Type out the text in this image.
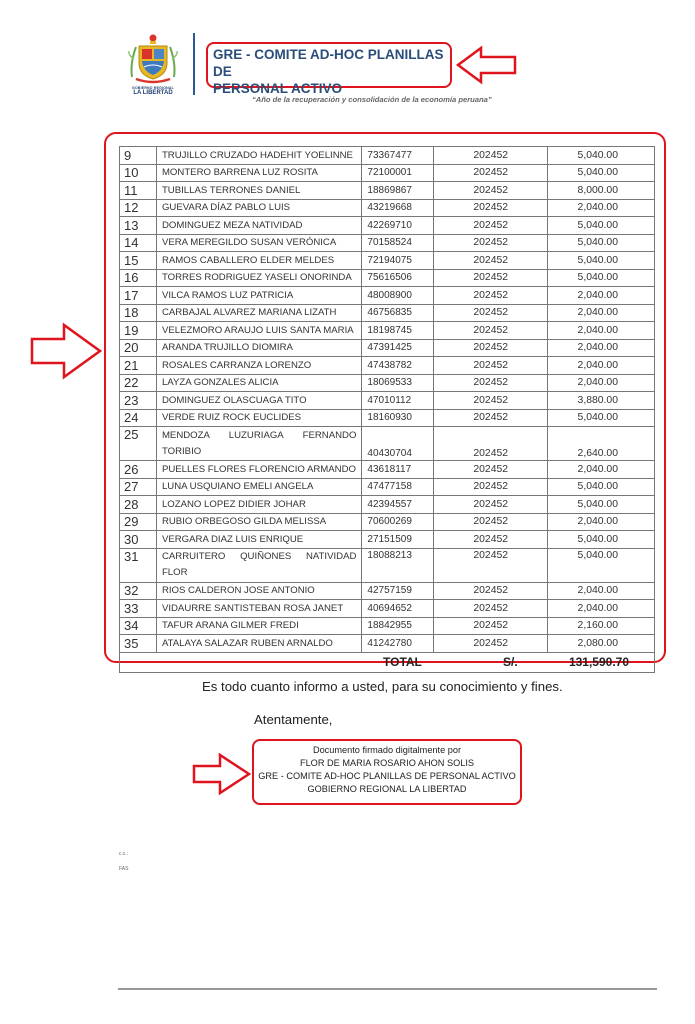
GOBIERNO REGIONAL
LA LIBERTAD
GRE - COMITE AD-HOC PLANILLAS DE
PERSONAL ACTIVO
“Año de la recuperación y consolidación de la economía peruana”
9	TRUJILLO CRUZADO HADEHIT YOELINNE	73367477	202452	5,040.00
10	MONTERO BARRENA LUZ ROSITA	72100001	202452	5,040.00
11	TUBILLAS TERRONES DANIEL	18869867	202452	8,000.00
12	GUEVARA DÍAZ PABLO LUIS	43219668	202452	2,040.00
13	DOMINGUEZ MEZA NATIVIDAD	42269710	202452	5,040.00
14	VERA MEREGILDO SUSAN VERÓNICA	70158524	202452	5,040.00
15	RAMOS CABALLERO ELDER MELDES	72194075	202452	5,040.00
16	TORRES RODRIGUEZ YASELI ONORINDA	75616506	202452	5,040.00
17	VILCA RAMOS LUZ PATRICIA	48008900	202452	2,040.00
18	CARBAJAL ALVAREZ MARIANA LIZATH	46756835	202452	2,040.00
19	VELEZMORO ARAUJO LUIS SANTA MARIA	18198745	202452	2,040.00
20	ARANDA TRUJILLO DIOMIRA	47391425	202452	2,040.00
21	ROSALES CARRANZA LORENZO	47438782	202452	2,040.00
22	LAYZA GONZALES ALICIA	18069533	202452	2,040.00
23	DOMINGUEZ OLASCUAGA TITO	47010112	202452	3,880.00
24	VERDE RUIZ ROCK EUCLIDES	18160930	202452	5,040.00
25	MENDOZA LUZURIAGA FERNANDO TORIBIO	40430704	202452	2,640.00
26	PUELLES FLORES FLORENCIO ARMANDO	43618117	202452	2,040.00
27	LUNA USQUIANO EMELI ANGELA	47477158	202452	5,040.00
28	LOZANO LOPEZ DIDIER JOHAR	42394557	202452	5,040.00
29	RUBIO ORBEGOSO GILDA MELISSA	70600269	202452	2,040.00
30	VERGARA DIAZ LUIS ENRIQUE	27151509	202452	5,040.00
31	CARRUITERO QUIÑONES NATIVIDAD FLOR	18088213	202452	5,040.00
32	RIOS CALDERON JOSE ANTONIO	42757159	202452	2,040.00
33	VIDAURRE SANTISTEBAN ROSA JANET	40694652	202452	2,040.00
34	TAFUR ARANA GILMER FREDI	18842955	202452	2,160.00
35	ATALAYA SALAZAR RUBEN ARNALDO	41242780	202452	2,080.00

TOTAL S/. 131,590.70				
Es todo cuanto informo a usted, para su conocimiento y fines.
Atentamente,
Documento firmado digitalmente por
FLOR DE MARIA ROSARIO AHON SOLIS
GRE - COMITE AD-HOC PLANILLAS DE PERSONAL ACTIVO
GOBIERNO REGIONAL LA LIBERTAD
c.c.:
FAS
